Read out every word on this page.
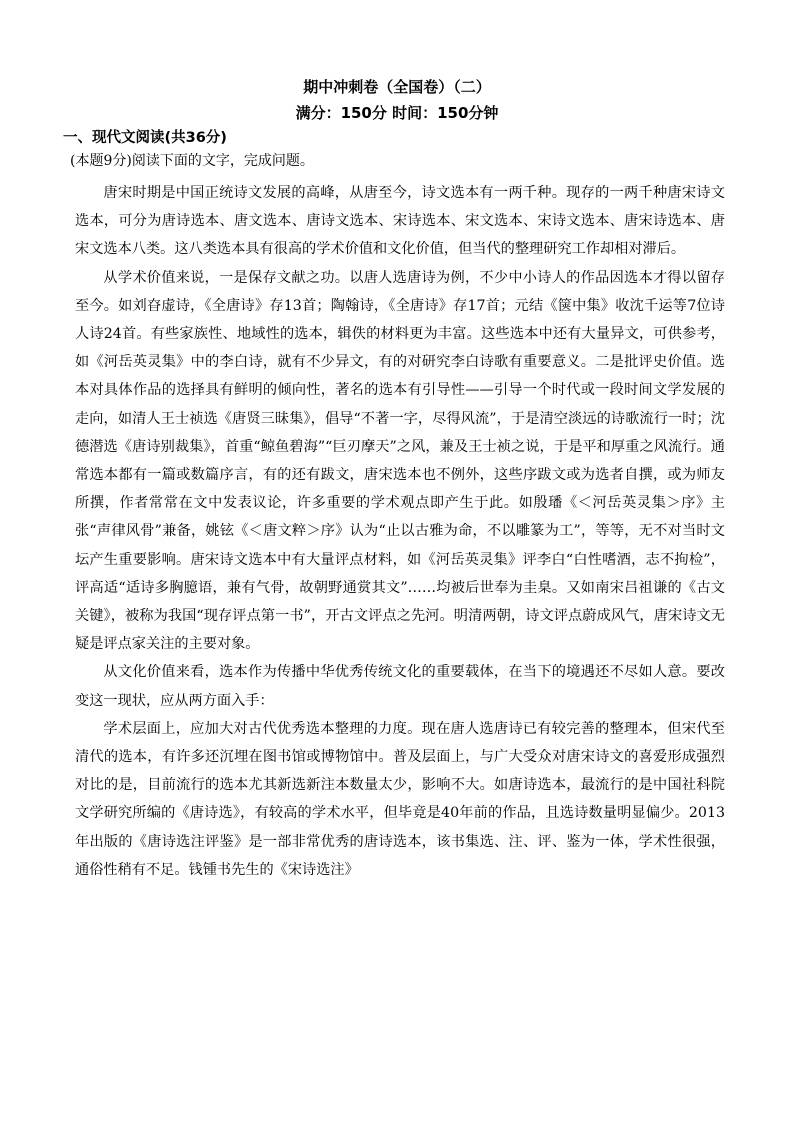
期中冲刺卷（全国卷）（二）
满分：150分 时间：150分钟
一、现代文阅读(共36分)
(本题9分)阅读下面的文字，完成问题。

唐宋时期是中国正统诗文发展的高峰，从唐至今，诗文选本有一两千种。现存的一两千种唐宋诗文选本，可分为唐诗选本、唐文选本、唐诗文选本、宋诗选本、宋文选本、宋诗文选本、唐宋诗选本、唐宋文选本八类。这八类选本具有很高的学术价值和文化价值，但当代的整理研究工作却相对滞后。

从学术价值来说，一是保存文献之功。以唐人选唐诗为例，不少中小诗人的作品因选本才得以留存至今。如刘昚虚诗，《全唐诗》存13首；陶翰诗，《全唐诗》存17首；元结《箧中集》收沈千运等7位诗人诗24首。有些家族性、地域性的选本，辑佚的材料更为丰富。这些选本中还有大量异文，可供参考，如《河岳英灵集》中的李白诗，就有不少异文，有的对研究李白诗歌有重要意义。二是批评史价值。选本对具体作品的选择具有鲜明的倾向性，著名的选本有引导性——引导一个时代或一段时间文学发展的走向，如清人王士祯选《唐贤三昧集》，倡导“不著一字，尽得风流”，于是清空淡远的诗歌流行一时；沈德潜选《唐诗别裁集》，首重“鲸鱼碧海”“巨刃摩天”之风，兼及王士祯之说，于是平和厚重之风流行。通常选本都有一篇或数篇序言，有的还有跋文，唐宋选本也不例外，这些序跋文或为选者自撰，或为师友所撰，作者常常在文中发表议论，许多重要的学术观点即产生于此。如殷璠《＜河岳英灵集＞序》主张“声律风骨”兼备，姚铉《＜唐文粹＞序》认为“止以古雅为命，不以雕篆为工”，等等，无不对当时文坛产生重要影响。唐宋诗文选本中有大量评点材料，如《河岳英灵集》评李白“白性嗜酒，志不拘检”，评高适“适诗多胸臆语，兼有气骨，故朝野通赏其文”……均被后世奉为圭臬。又如南宋吕祖谦的《古文关键》，被称为我国“现存评点第一书”，开古文评点之先河。明清两朝，诗文评点蔚成风气，唐宋诗文无疑是评点家关注的主要对象。

从文化价值来看，选本作为传播中华优秀传统文化的重要载体，在当下的境遇还不尽如人意。要改变这一现状，应从两方面入手：

学术层面上，应加大对古代优秀选本整理的力度。现在唐人选唐诗已有较完善的整理本，但宋代至清代的选本，有许多还沉埋在图书馆或博物馆中。普及层面上，与广大受众对唐宋诗文的喜爱形成强烈对比的是，目前流行的选本尤其新选新注本数量太少，影响不大。如唐诗选本，最流行的是中国社科院文学研究所编的《唐诗选》，有较高的学术水平，但毕竟是40年前的作品，且选诗数量明显偏少。2013年出版的《唐诗选注评鉴》是一部非常优秀的唐诗选本，该书集选、注、评、鉴为一体，学术性很强，通俗性稍有不足。钱锺书先生的《宋诗选注》
